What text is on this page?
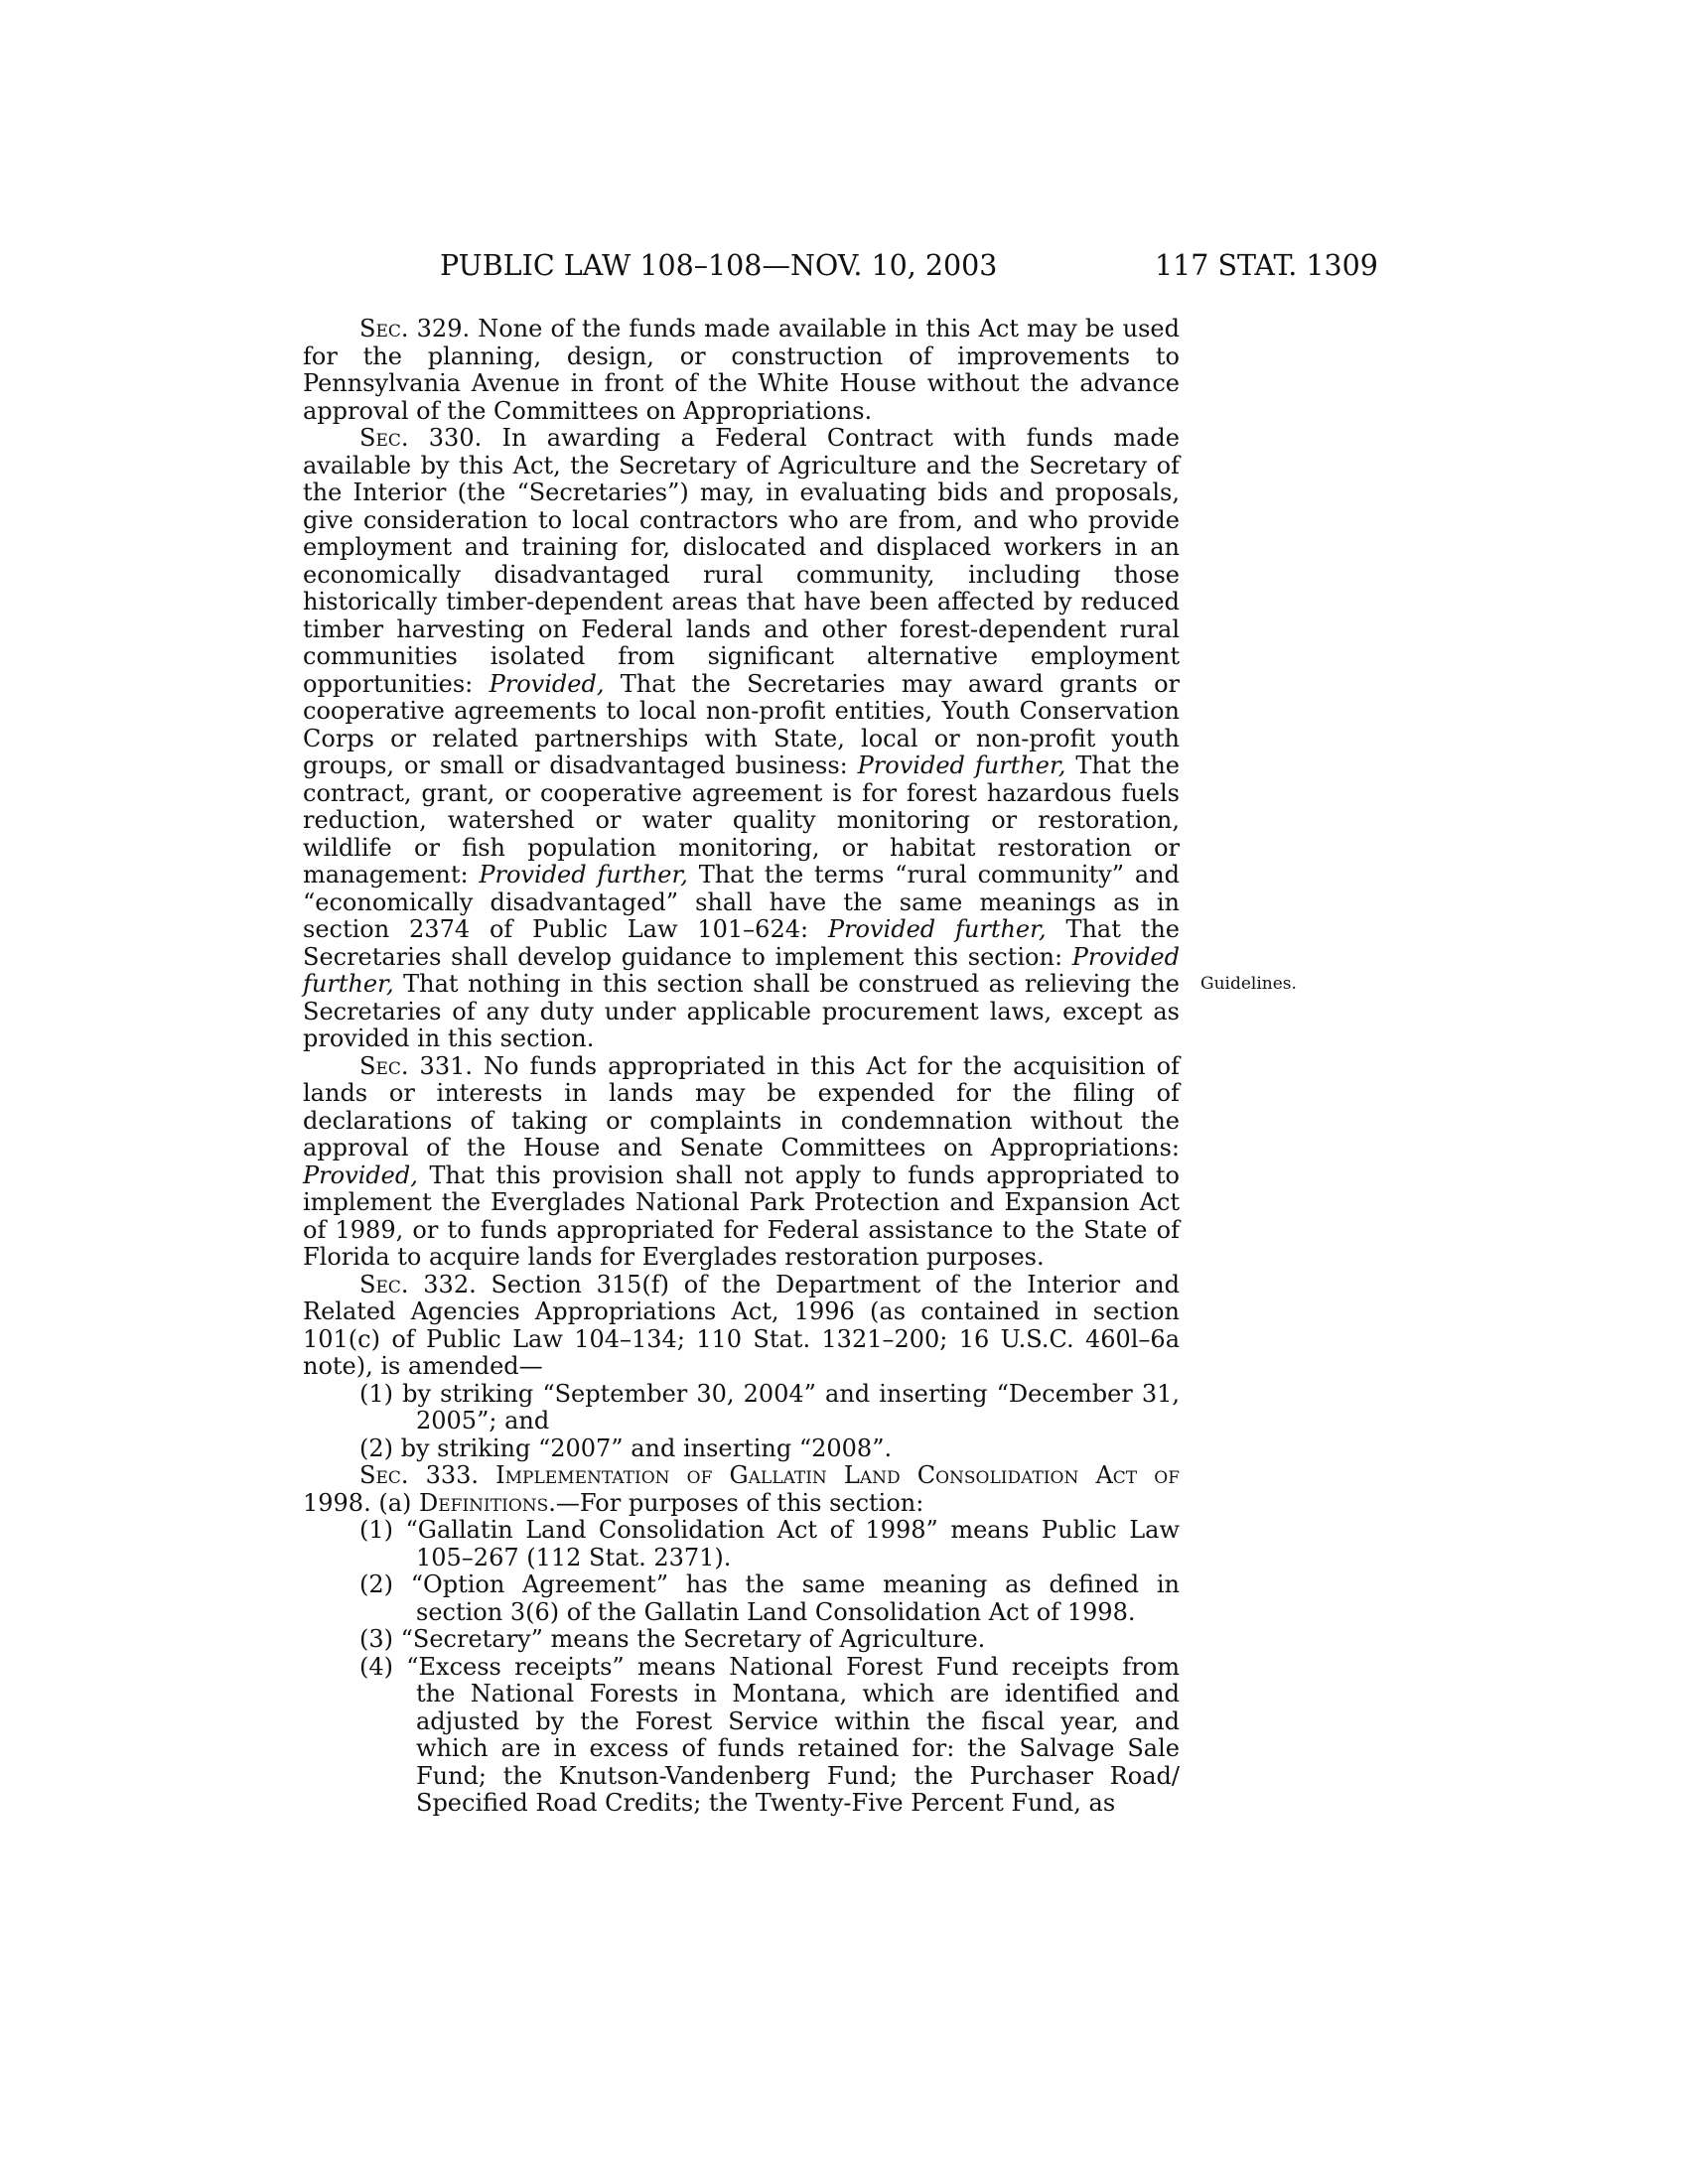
PUBLIC LAW 108–108—NOV. 10, 2003	117 STAT. 1309

Sec. 329. None of the funds made available in this Act may be used for the planning, design, or construction of improvements to Pennsylvania Avenue in front of the White House without the advance approval of the Committees on Appropriations.

Sec. 330. In awarding a Federal Contract with funds made available by this Act, the Secretary of Agriculture and the Secretary of the Interior (the “Secretaries”) may, in evaluating bids and proposals, give consideration to local contractors who are from, and who provide employment and training for, dislocated and displaced workers in an economically disadvantaged rural community, including those historically timber-dependent areas that have been affected by reduced timber harvesting on Federal lands and other forest-dependent rural communities isolated from significant alternative employment opportunities: Provided, That the Secretaries may award grants or cooperative agreements to local non-profit entities, Youth Conservation Corps or related partnerships with State, local or non-profit youth groups, or small or disadvantaged business: Provided further, That the contract, grant, or cooperative agreement is for forest hazardous fuels reduction, watershed or water quality monitoring or restoration, wildlife or fish population monitoring, or habitat restoration or management: Provided further, That the terms “rural community” and “economically disadvantaged” shall have the same meanings as in section 2374 of Public Law 101–624: Provided further, That the Secretaries shall develop guidance to implement this section: Provided further, That nothing in this section shall be construed as relieving the Secretaries of any duty under applicable procurement laws, except as provided in this section.

Sec. 331. No funds appropriated in this Act for the acquisition of lands or interests in lands may be expended for the filing of declarations of taking or complaints in condemnation without the approval of the House and Senate Committees on Appropriations: Provided, That this provision shall not apply to funds appropriated to implement the Everglades National Park Protection and Expansion Act of 1989, or to funds appropriated for Federal assistance to the State of Florida to acquire lands for Everglades restoration purposes.

Sec. 332. Section 315(f) of the Department of the Interior and Related Agencies Appropriations Act, 1996 (as contained in section 101(c) of Public Law 104–134; 110 Stat. 1321–200; 16 U.S.C. 460l–6a note), is amended—

(1) by striking “September 30, 2004” and inserting “December 31, 2005”; and

(2) by striking “2007” and inserting “2008”.

Sec. 333. Implementation of Gallatin Land Consolidation Act of 1998. (a) Definitions.—For purposes of this section:

(1) “Gallatin Land Consolidation Act of 1998” means Public Law 105–267 (112 Stat. 2371).

(2) “Option Agreement” has the same meaning as defined in section 3(6) of the Gallatin Land Consolidation Act of 1998.

(3) “Secretary” means the Secretary of Agriculture.

(4) “Excess receipts” means National Forest Fund receipts from the National Forests in Montana, which are identified and adjusted by the Forest Service within the fiscal year, and which are in excess of funds retained for: the Salvage Sale Fund; the Knutson-Vandenberg Fund; the Purchaser Road/ Specified Road Credits; the Twenty-Five Percent Fund, as

Guidelines.
